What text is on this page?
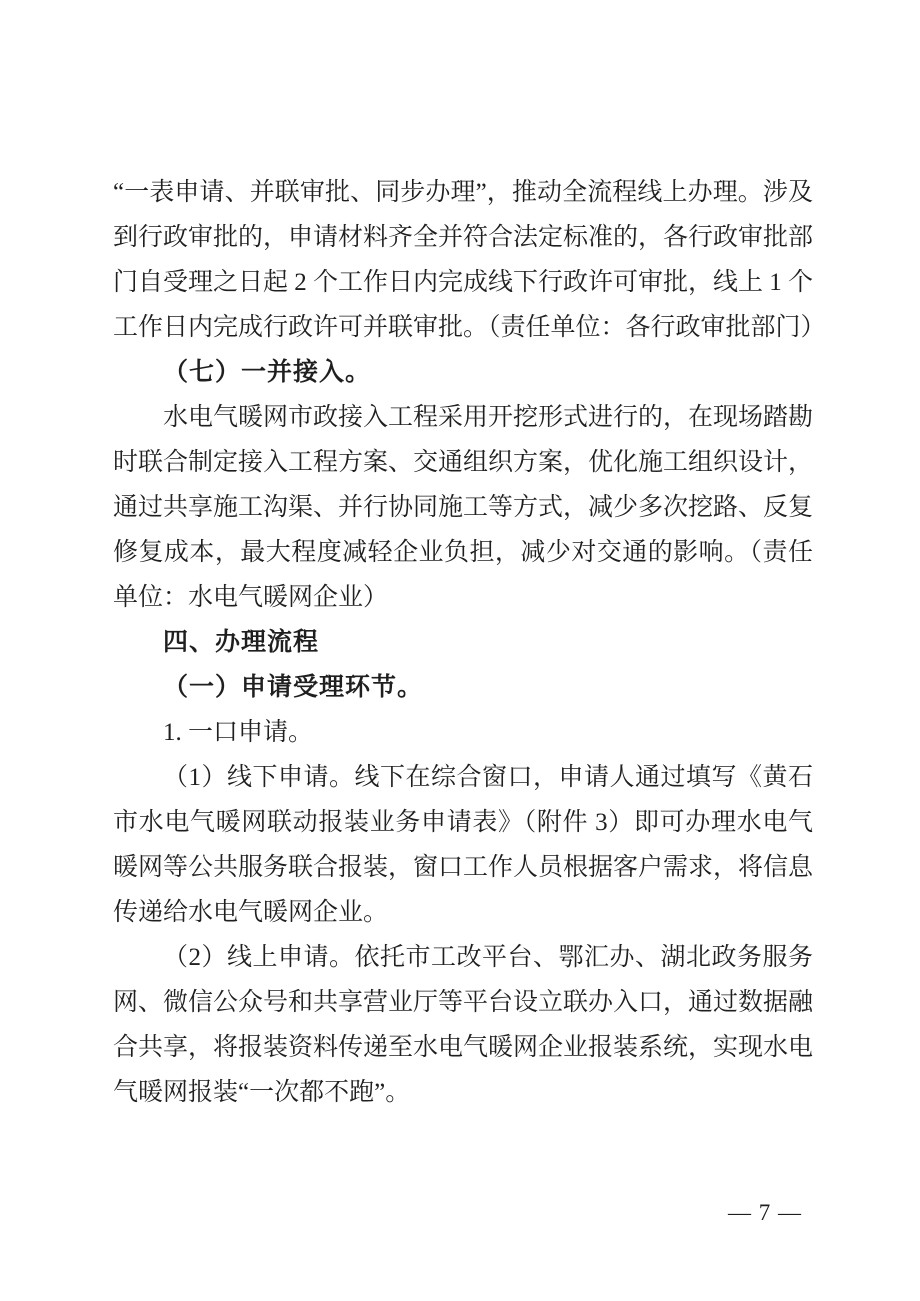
“一表申请、并联审批、同步办理”，推动全流程线上办理。涉及到行政审批的，申请材料齐全并符合法定标准的，各行政审批部门自受理之日起 2 个工作日内完成线下行政许可审批，线上 1 个工作日内完成行政许可并联审批。（责任单位：各行政审批部门）

（七）一并接入。

水电气暖网市政接入工程采用开挖形式进行的，在现场踏勘时联合制定接入工程方案、交通组织方案，优化施工组织设计，通过共享施工沟渠、并行协同施工等方式，减少多次挖路、反复修复成本，最大程度减轻企业负担，减少对交通的影响。（责任单位：水电气暖网企业）

四、办理流程

（一）申请受理环节。

1. 一口申请。

（1）线下申请。线下在综合窗口，申请人通过填写《黄石市水电气暖网联动报装业务申请表》（附件 3）即可办理水电气暖网等公共服务联合报装，窗口工作人员根据客户需求，将信息传递给水电气暖网企业。

（2）线上申请。依托市工改平台、鄂汇办、湖北政务服务网、微信公众号和共享营业厅等平台设立联办入口，通过数据融合共享，将报装资料传递至水电气暖网企业报装系统，实现水电气暖网报装“一次都不跑”。

— 7 —
